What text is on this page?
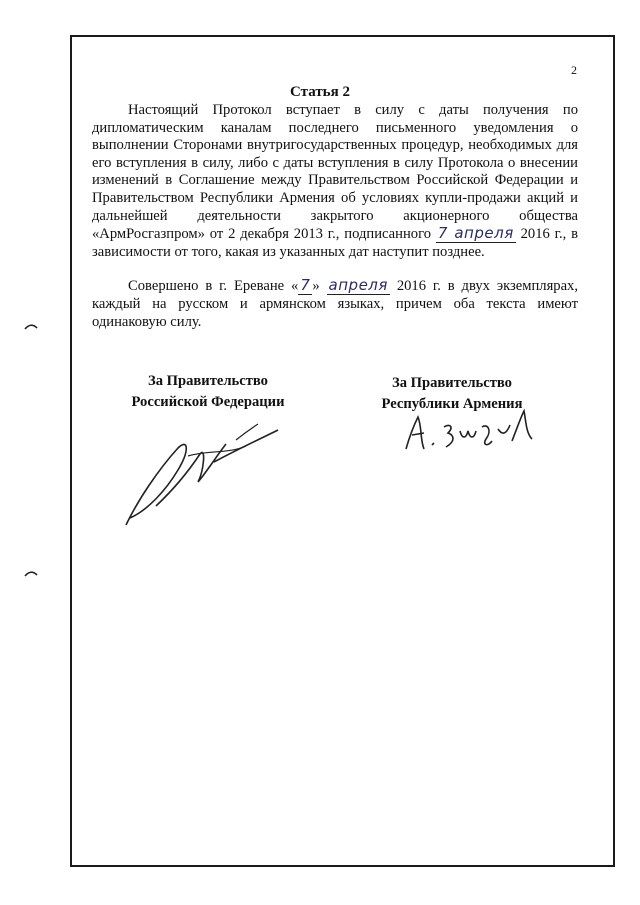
2
Статья 2

Настоящий Протокол вступает в силу с даты получения по дипломатическим каналам последнего письменного уведомления о выполнении Сторонами внутригосударственных процедур, необходимых для его вступления в силу, либо с даты вступления в силу Протокола о внесении изменений в Соглашение между Правительством Российской Федерации и Правительством Республики Армения об условиях купли-продажи акций и дальнейшей деятельности закрытого акционерного общества «АрмРосгазпром» от 2 декабря 2013 г., подписанного 7 апреля 2016 г., в зависимости от того, какая из указанных дат наступит позднее.

Совершено в г. Ереване « 7 » апреля 2016 г. в двух экземплярах, каждый на русском и армянском языках, причем оба текста имеют одинаковую силу.

За Правительство
Российской Федерации
За Правительство
Республики Армения
